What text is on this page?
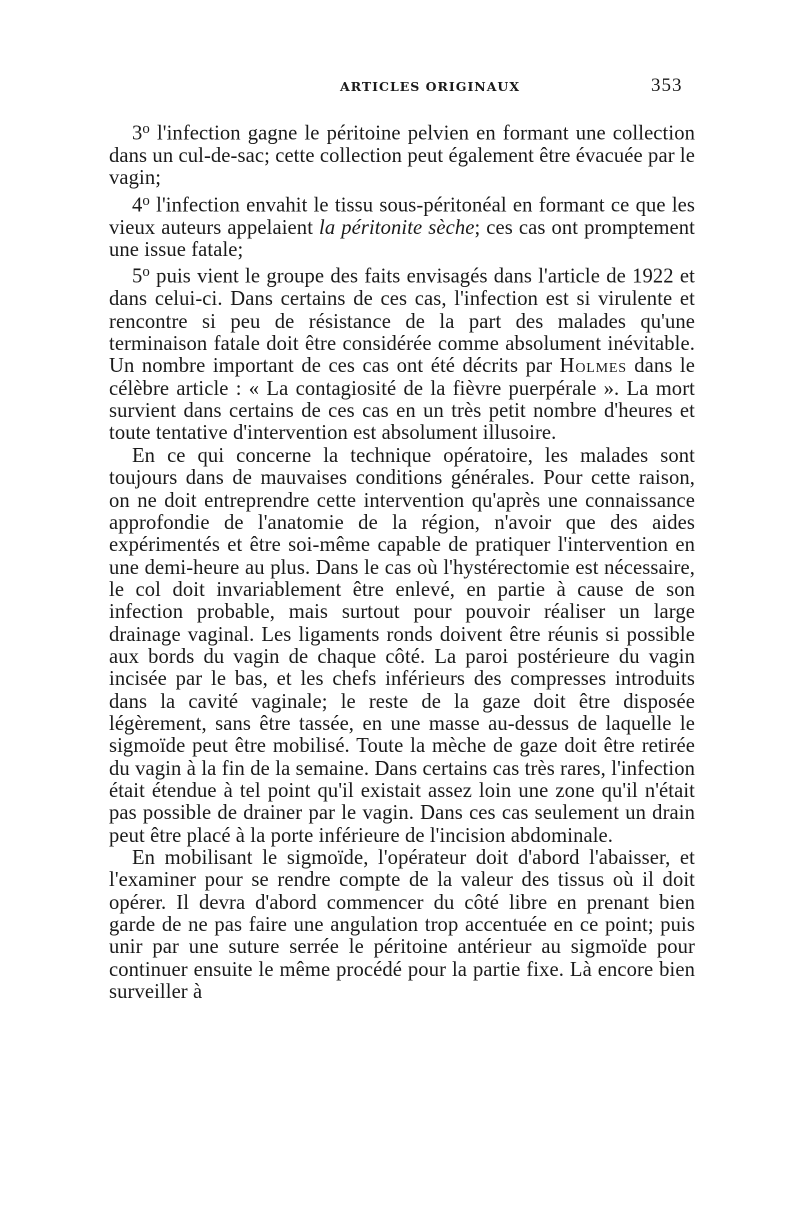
ARTICLES ORIGINAUX	353

3$^o$ l'infection gagne le péritoine pelvien en formant une collection dans un cul-de-sac; cette collection peut également être évacuée par le vagin;

4$^o$ l'infection envahit le tissu sous-péritonéal en formant ce que les vieux auteurs appelaient la péritonite sèche; ces cas ont promptement une issue fatale;

5$^o$ puis vient le groupe des faits envisagés dans l'article de 1922 et dans celui-ci. Dans certains de ces cas, l'infection est si virulente et rencontre si peu de résistance de la part des malades qu'une terminaison fatale doit être considérée comme absolument inévitable. Un nombre important de ces cas ont été décrits par Holmes dans le célèbre article : « La contagiosité de la fièvre puerpérale ». La mort survient dans certains de ces cas en un très petit nombre d'heures et toute tentative d'intervention est absolument illusoire.

En ce qui concerne la technique opératoire, les malades sont toujours dans de mauvaises conditions générales. Pour cette raison, on ne doit entreprendre cette intervention qu'après une connaissance approfondie de l'anatomie de la région, n'avoir que des aides expérimentés et être soi-même capable de pratiquer l'intervention en une demi-heure au plus. Dans le cas où l'hystérectomie est nécessaire, le col doit invariablement être enlevé, en partie à cause de son infection probable, mais surtout pour pouvoir réaliser un large drainage vaginal. Les ligaments ronds doivent être réunis si possible aux bords du vagin de chaque côté. La paroi postérieure du vagin incisée par le bas, et les chefs inférieurs des compresses introduits dans la cavité vaginale; le reste de la gaze doit être disposée légèrement, sans être tassée, en une masse au-dessus de laquelle le sigmoïde peut être mobilisé. Toute la mèche de gaze doit être retirée du vagin à la fin de la semaine. Dans certains cas très rares, l'infection était étendue à tel point qu'il existait assez loin une zone qu'il n'était pas possible de drainer par le vagin. Dans ces cas seulement un drain peut être placé à la porte inférieure de l'incision abdominale.

En mobilisant le sigmoïde, l'opérateur doit d'abord l'abaisser, et l'examiner pour se rendre compte de la valeur des tissus où il doit opérer. Il devra d'abord commencer du côté libre en prenant bien garde de ne pas faire une angulation trop accentuée en ce point; puis unir par une suture serrée le péritoine antérieur au sigmoïde pour continuer ensuite le même procédé pour la partie fixe. Là encore bien surveiller à
